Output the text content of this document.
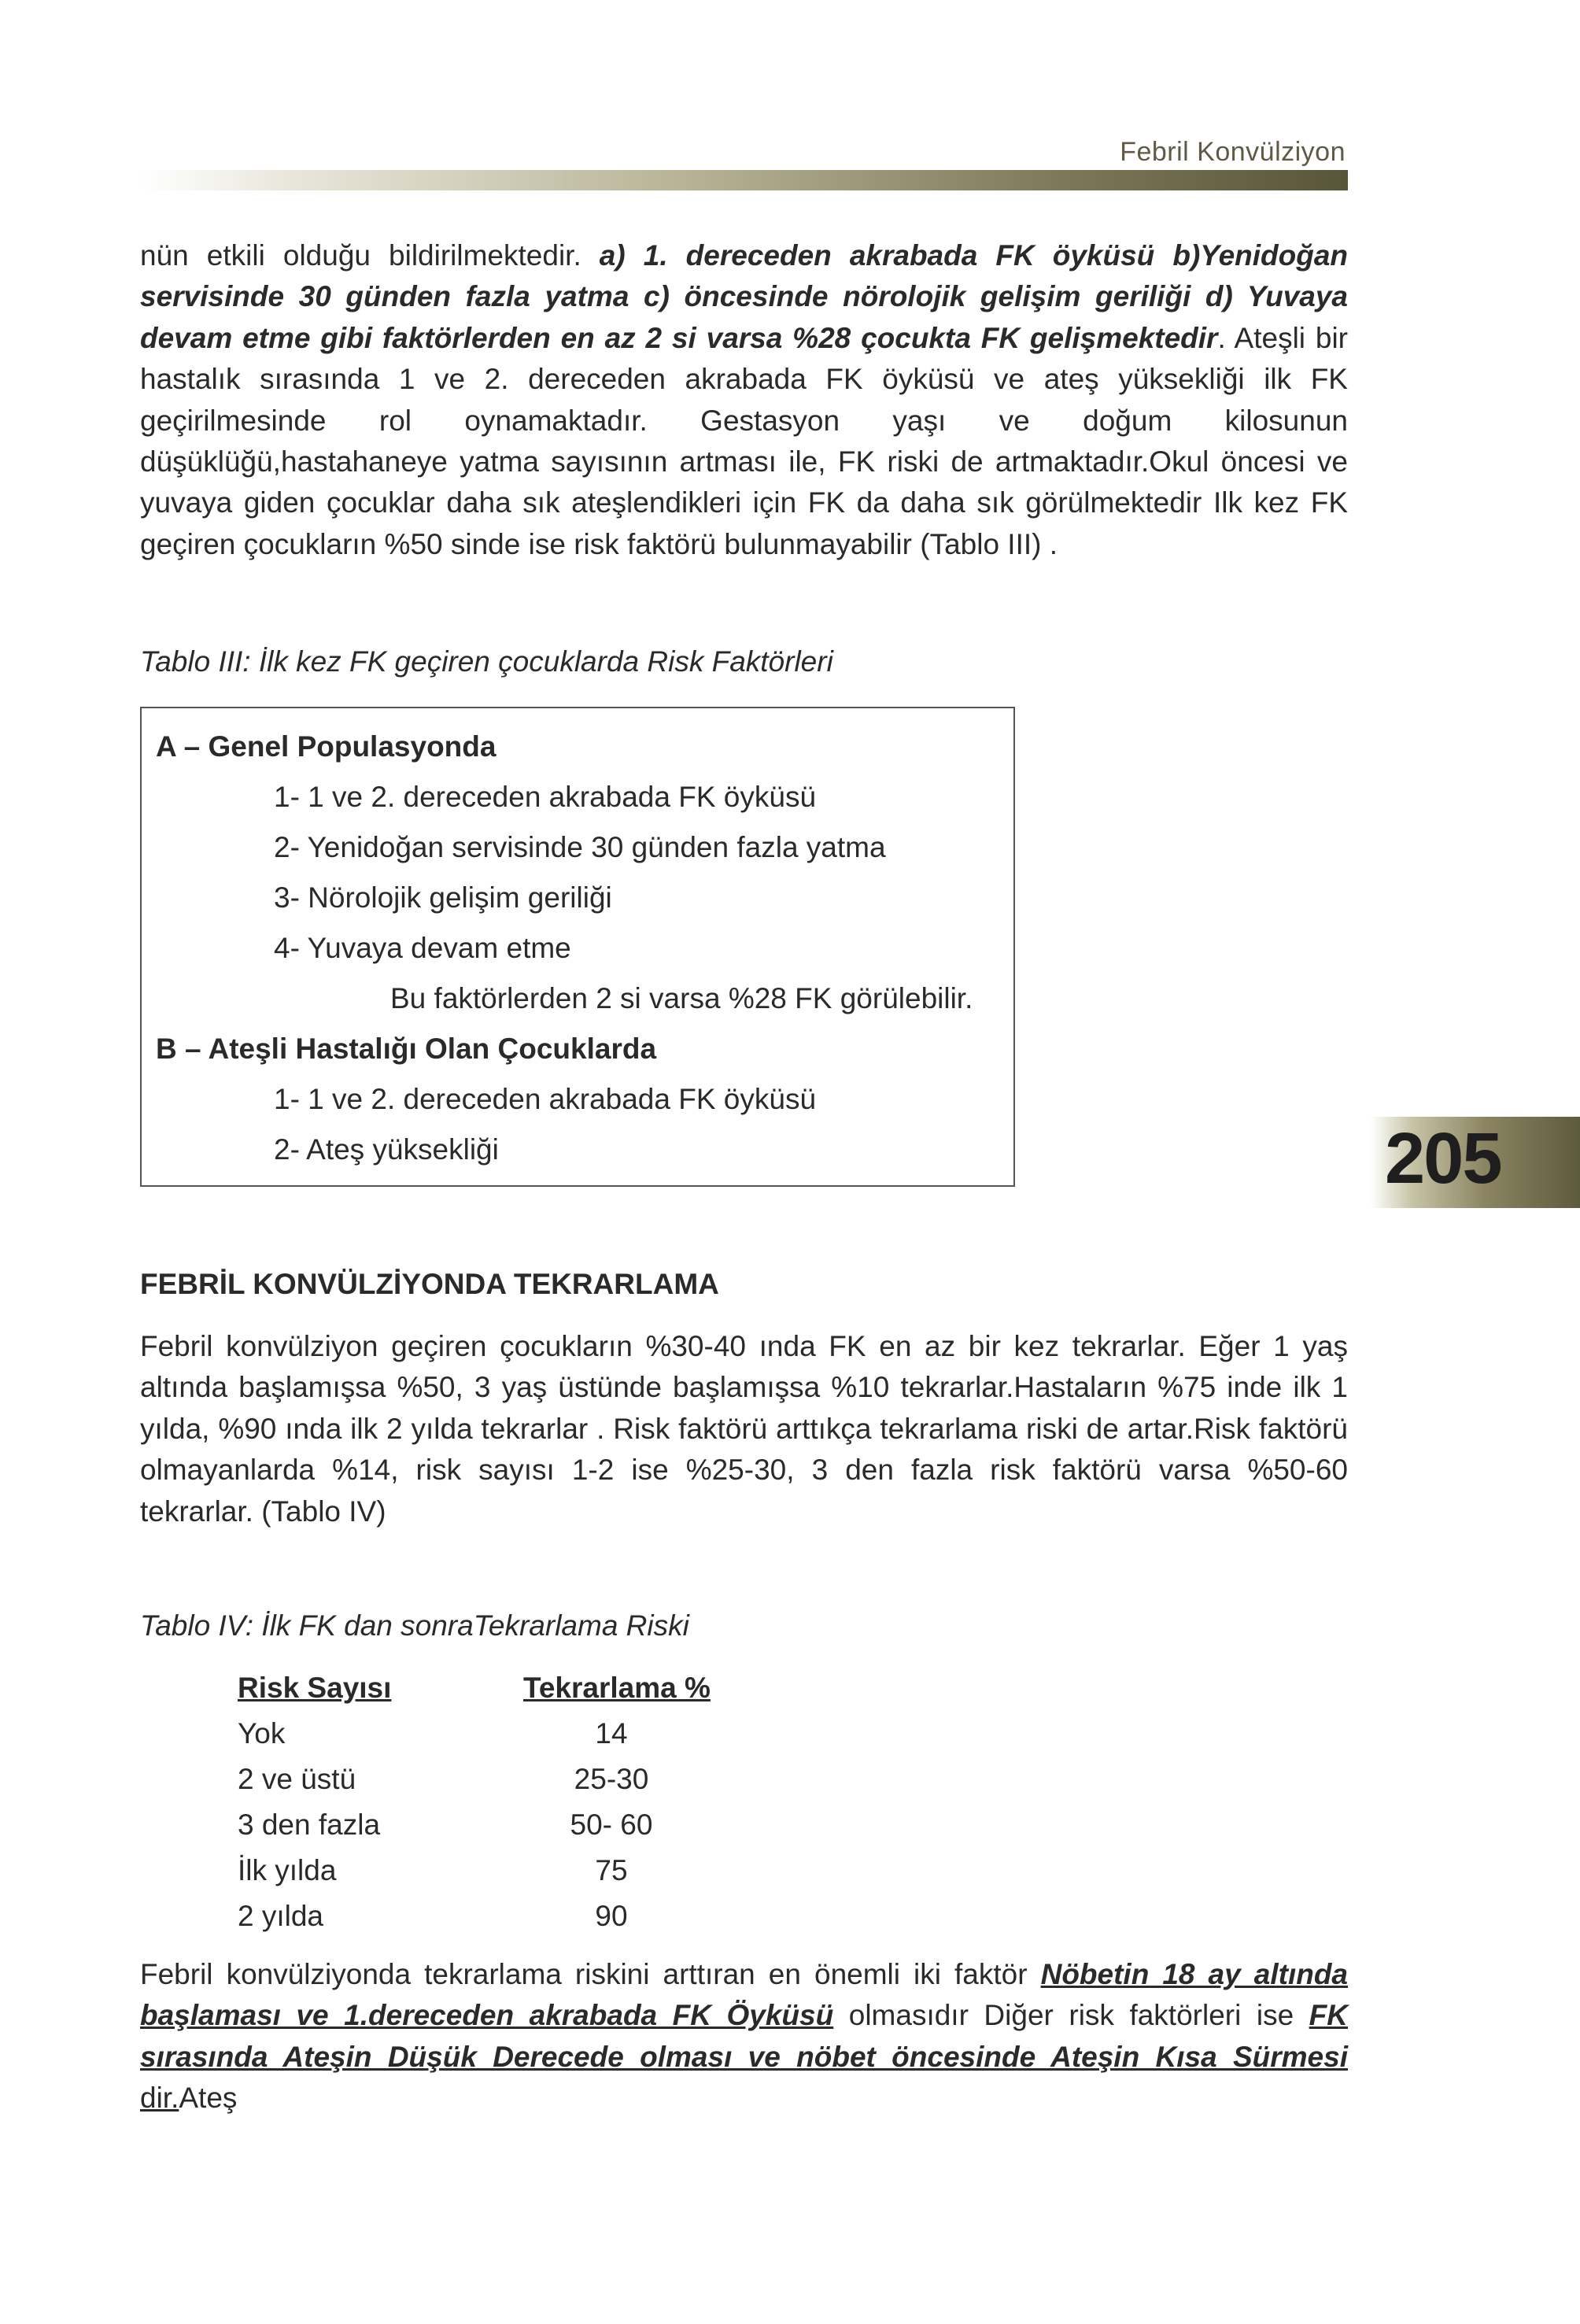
Febril Konvülziyon
nün etkili olduğu bildirilmektedir. a) 1. dereceden akrabada FK öyküsü b)Yenidoğan servisinde 30 günden fazla yatma c) öncesinde nörolojik gelişim geriliği d) Yuvaya devam etme gibi faktörlerden en az 2 si varsa %28 çocukta FK gelişmektedir. Ateşli bir hastalık sırasında 1 ve 2. dereceden akrabada FK öyküsü ve ateş yüksekliği ilk FK geçirilmesinde rol oynamaktadır. Gestasyon yaşı ve doğum kilosunun düşüklüğü,hastahaneye yatma sayısının artması ile, FK riski de artmaktadır.Okul öncesi ve yuvaya giden çocuklar daha sık ateşlendikleri için FK da daha sık görülmektedir Ilk kez FK geçiren çocukların %50 sinde ise risk faktörü bulunmayabilir (Tablo III) .
Tablo III: İlk kez FK geçiren çocuklarda Risk Faktörleri
A – Genel Populasyonda
1- 1 ve 2. dereceden akrabada FK öyküsü
2- Yenidoğan servisinde 30 günden fazla yatma
3- Nörolojik gelişim geriliği
4- Yuvaya devam etme
Bu faktörlerden 2 si varsa %28 FK görülebilir.
B – Ateşli Hastalığı Olan Çocuklarda
1- 1 ve 2. dereceden akrabada FK öyküsü
2- Ateş yüksekliği	205
FEBRİL KONVÜLZİYONDA TEKRARLAMA
Febril konvülziyon geçiren çocukların %30-40 ında FK en az bir kez tekrarlar. Eğer 1 yaş altında başlamışsa %50, 3 yaş üstünde başlamışsa %10 tekrarlar.Hastaların %75 inde ilk 1 yılda, %90 ında ilk 2 yılda tekrarlar . Risk faktörü arttıkça tekrarlama riski de artar.Risk faktörü olmayanlarda %14, risk sayısı 1-2 ise %25-30, 3 den fazla risk faktörü varsa %50-60 tekrarlar. (Tablo IV)
Tablo IV: İlk FK dan sonraTekrarlama Riski
Risk Sayısı	Tekrarlama %
Yok	14
2 ve üstü	25-30
3 den fazla	50- 60
İlk yılda	75
2 yılda	90
Febril konvülziyonda tekrarlama riskini arttıran en önemli iki faktör Nöbetin 18 ay altında başlaması ve 1.dereceden akrabada FK Öyküsü olmasıdır Diğer risk faktörleri ise FK sırasında Ateşin Düşük Derecede olması ve nöbet öncesinde Ateşin Kısa Sürmesi dir.Ateş
